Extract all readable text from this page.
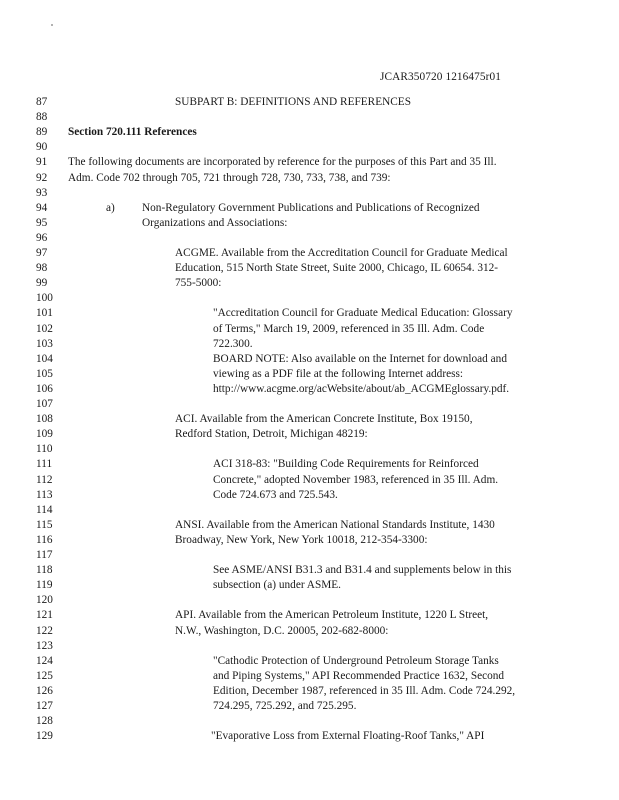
JCAR350720 1216475r01
87	SUBPART B: DEFINITIONS AND REFERENCES
88
89	Section 720.111 References
90
91	The following documents are incorporated by reference for the purposes of this Part and 35 Ill.
92	Adm. Code 702 through 705, 721 through 728, 730, 733, 738, and 739:
93
94	a) Non-Regulatory Government Publications and Publications of Recognized
95	Organizations and Associations:
96
97	ACGME. Available from the Accreditation Council for Graduate Medical
98	Education, 515 North State Street, Suite 2000, Chicago, IL 60654. 312-
99	755-5000:
100
101	"Accreditation Council for Graduate Medical Education: Glossary
102	of Terms," March 19, 2009, referenced in 35 Ill. Adm. Code
103	722.300.
104	BOARD NOTE: Also available on the Internet for download and
105	viewing as a PDF file at the following Internet address:
106	http://www.acgme.org/acWebsite/about/ab_ACGMEglossary.pdf.
107
108	ACI. Available from the American Concrete Institute, Box 19150,
109	Redford Station, Detroit, Michigan 48219:
110
111	ACI 318-83: "Building Code Requirements for Reinforced
112	Concrete," adopted November 1983, referenced in 35 Ill. Adm.
113	Code 724.673 and 725.543.
114
115	ANSI. Available from the American National Standards Institute, 1430
116	Broadway, New York, New York 10018, 212-354-3300:
117
118	See ASME/ANSI B31.3 and B31.4 and supplements below in this
119	subsection (a) under ASME.
120
121	API. Available from the American Petroleum Institute, 1220 L Street,
122	N.W., Washington, D.C. 20005, 202-682-8000:
123
124	"Cathodic Protection of Underground Petroleum Storage Tanks
125	and Piping Systems," API Recommended Practice 1632, Second
126	Edition, December 1987, referenced in 35 Ill. Adm. Code 724.292,
127	724.295, 725.292, and 725.295.
128
129	"Evaporative Loss from External Floating-Roof Tanks," API
